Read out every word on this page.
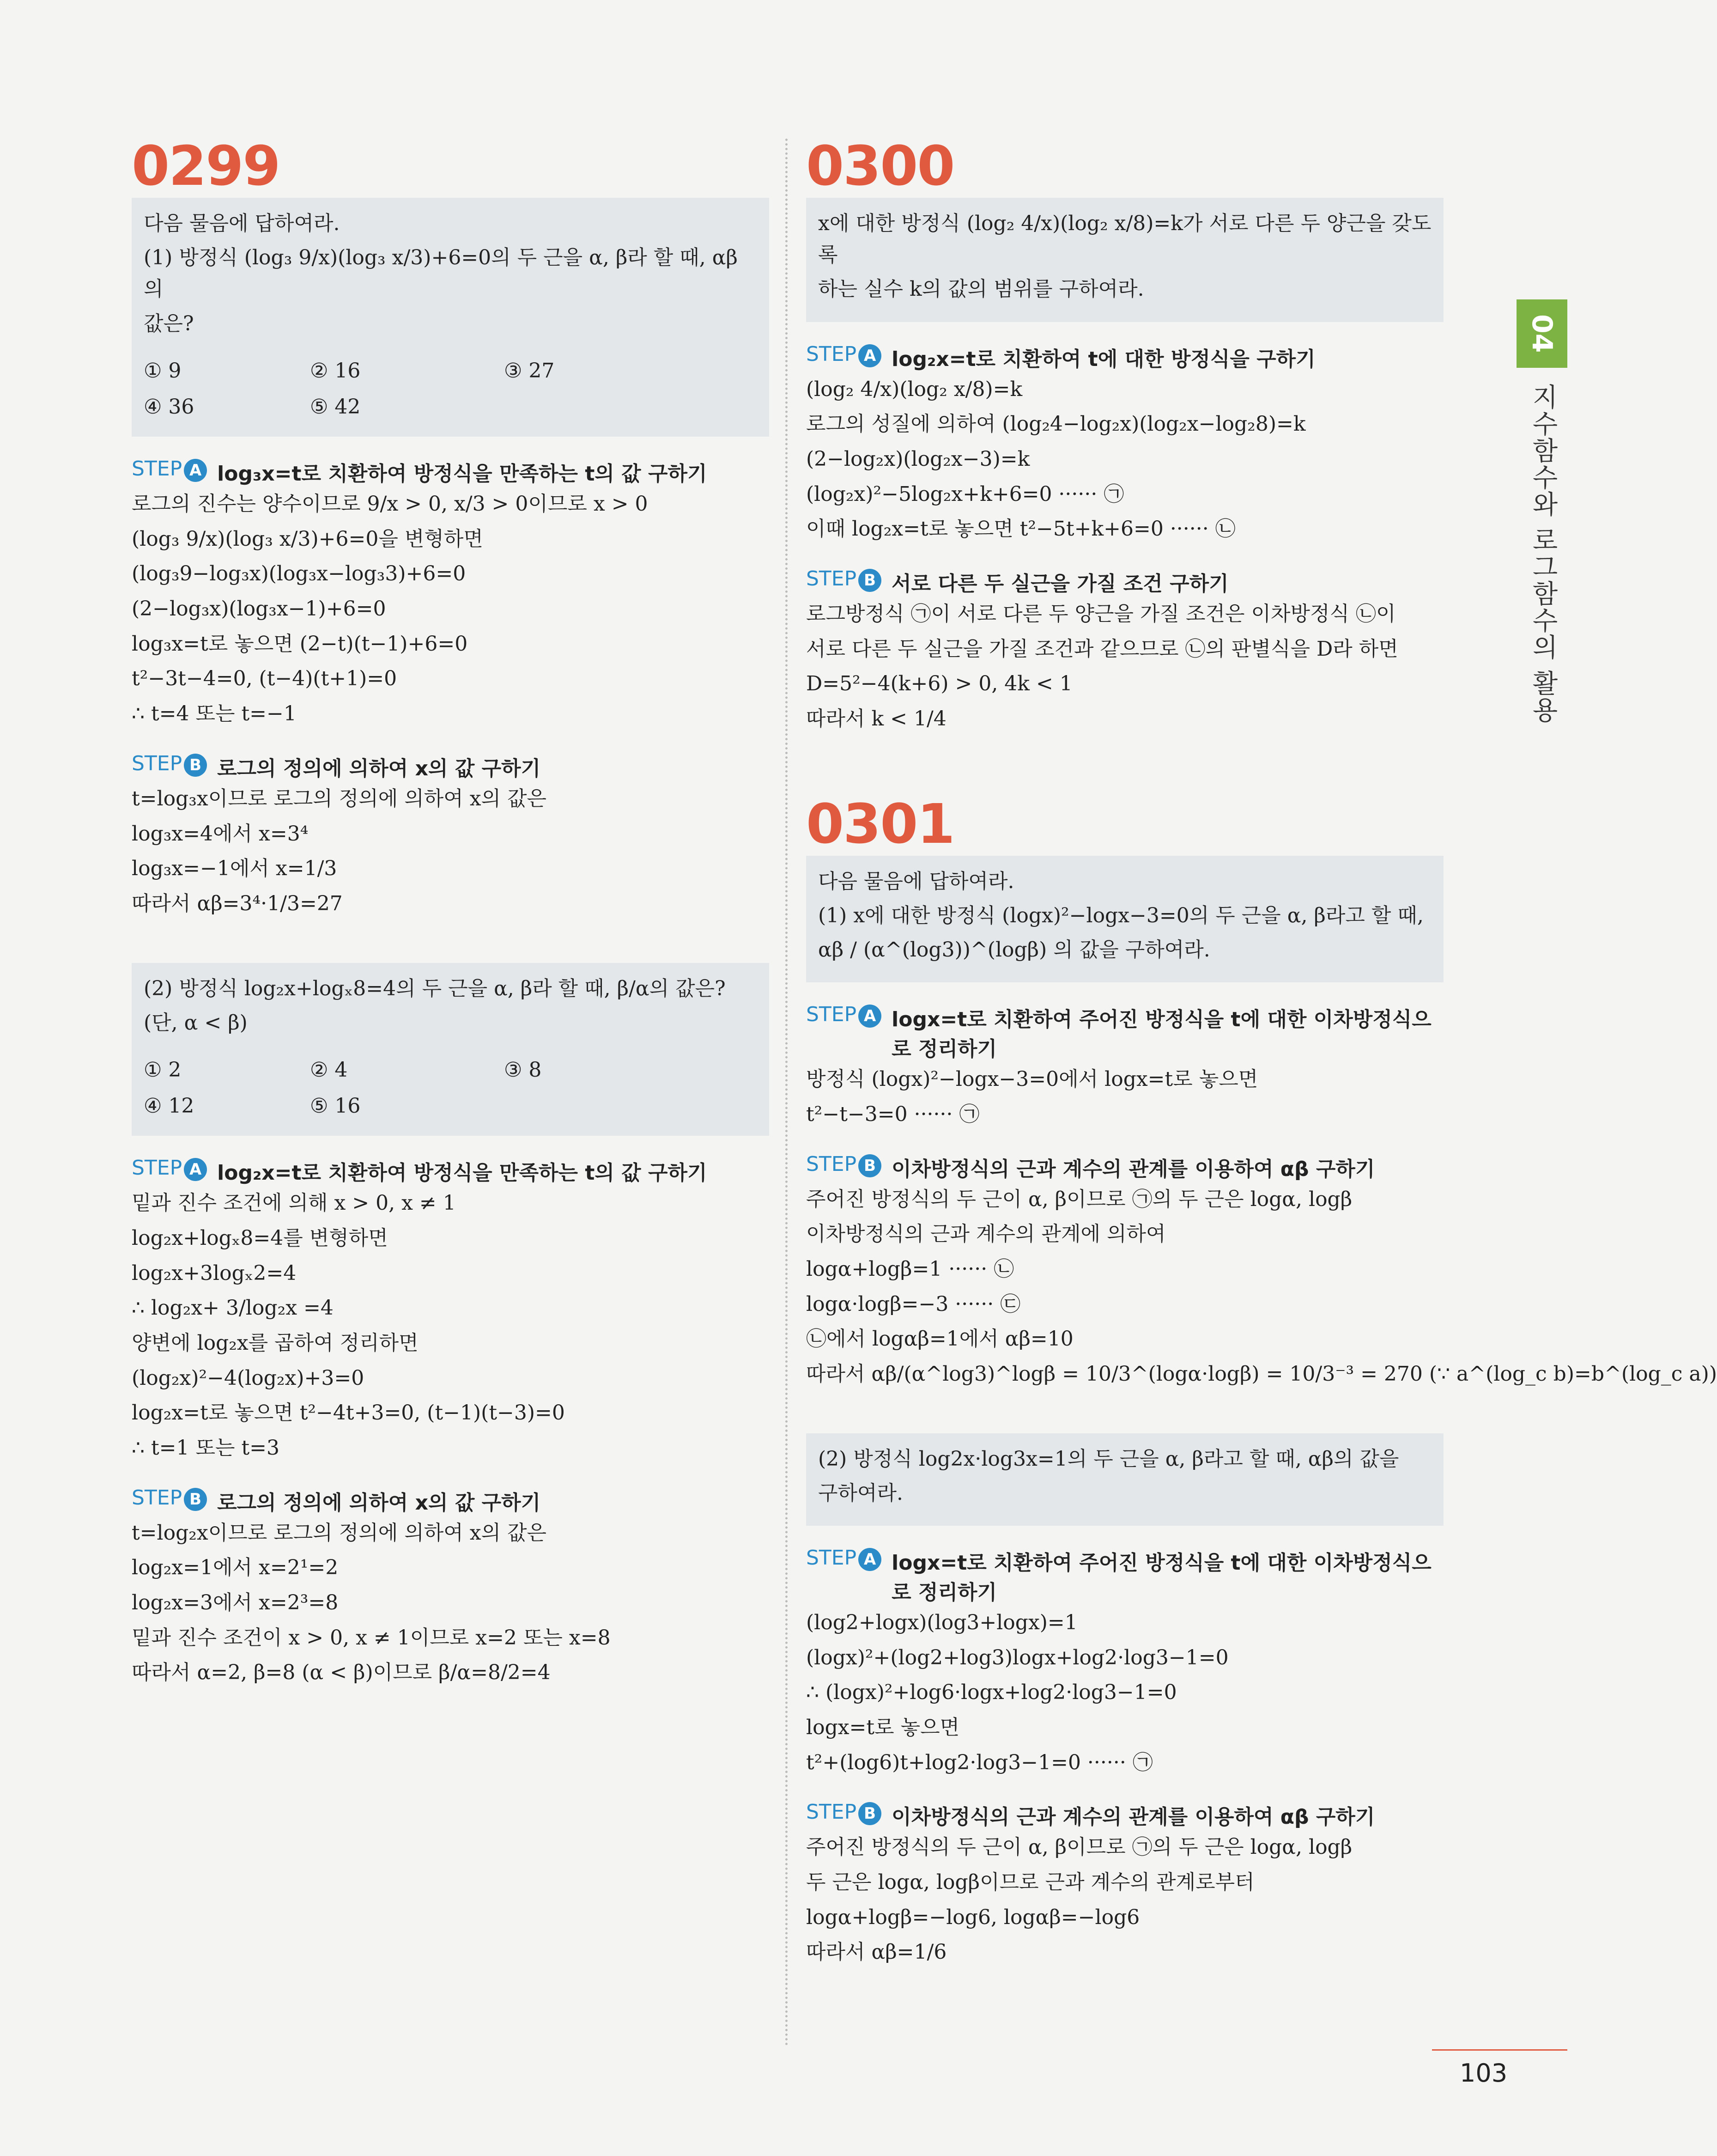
0299

다음 물음에 답하여라.

(1) 방정식 (log₃ 9/x)(log₃ x/3)+6=0의 두 근을 α, β라 할 때, αβ의

값은?

① 9	② 16	③ 27
④ 36	⑤ 42
STEP A log₃x=t로 치환하여 방정식을 만족하는 t의 값 구하기
로그의 진수는 양수이므로 9/x > 0, x/3 > 0이므로 x > 0
(log₃ 9/x)(log₃ x/3)+6=0을 변형하면
(log₃9−log₃x)(log₃x−log₃3)+6=0
(2−log₃x)(log₃x−1)+6=0
log₃x=t로 놓으면 (2−t)(t−1)+6=0
t²−3t−4=0, (t−4)(t+1)=0
∴ t=4 또는 t=−1
STEP B 로그의 정의에 의하여 x의 값 구하기
t=log₃x이므로 로그의 정의에 의하여 x의 값은
log₃x=4에서 x=3⁴
log₃x=−1에서 x=1/3
따라서 αβ=3⁴·1/3=27

(2) 방정식 log₂x+logₓ8=4의 두 근을 α, β라 할 때, β/α의 값은?

(단, α < β)

① 2	② 4	③ 8
④ 12	⑤ 16
STEP A log₂x=t로 치환하여 방정식을 만족하는 t의 값 구하기
밑과 진수 조건에 의해 x > 0, x ≠ 1
log₂x+logₓ8=4를 변형하면
log₂x+3logₓ2=4
∴ log₂x+ 3/log₂x =4
양변에 log₂x를 곱하여 정리하면
(log₂x)²−4(log₂x)+3=0
log₂x=t로 놓으면 t²−4t+3=0, (t−1)(t−3)=0
∴ t=1 또는 t=3
STEP B 로그의 정의에 의하여 x의 값 구하기
t=log₂x이므로 로그의 정의에 의하여 x의 값은
log₂x=1에서 x=2¹=2
log₂x=3에서 x=2³=8
밑과 진수 조건이 x > 0, x ≠ 1이므로 x=2 또는 x=8
따라서 α=2, β=8 (α < β)이므로 β/α=8/2=4
0300

x에 대한 방정식 (log₂ 4/x)(log₂ x/8)=k가 서로 다른 두 양근을 갖도록

하는 실수 k의 값의 범위를 구하여라.

STEP A log₂x=t로 치환하여 t에 대한 방정식을 구하기
(log₂ 4/x)(log₂ x/8)=k
로그의 성질에 의하여 (log₂4−log₂x)(log₂x−log₂8)=k
(2−log₂x)(log₂x−3)=k
(log₂x)²−5log₂x+k+6=0 ······ ㉠
이때 log₂x=t로 놓으면 t²−5t+k+6=0 ······ ㉡
STEP B 서로 다른 두 실근을 가질 조건 구하기
로그방정식 ㉠이 서로 다른 두 양근을 가질 조건은 이차방정식 ㉡이
서로 다른 두 실근을 가질 조건과 같으므로 ㉡의 판별식을 D라 하면
D=5²−4(k+6) > 0, 4k < 1
따라서 k < 1/4
0301

다음 물음에 답하여라.

(1) x에 대한 방정식 (logx)²−logx−3=0의 두 근을 α, β라고 할 때,

αβ / (α^(log3))^(logβ) 의 값을 구하여라.

STEP A logx=t로 치환하여 주어진 방정식을 t에 대한 이차방정식으로 정리하기
방정식 (logx)²−logx−3=0에서 logx=t로 놓으면
t²−t−3=0 ······ ㉠
STEP B 이차방정식의 근과 계수의 관계를 이용하여 αβ 구하기
주어진 방정식의 두 근이 α, β이므로 ㉠의 두 근은 logα, logβ
이차방정식의 근과 계수의 관계에 의하여
logα+logβ=1 ······ ㉡
logα·logβ=−3 ······ ㉢
㉡에서 logαβ=1에서 αβ=10
따라서 αβ/(α^log3)^logβ = 10/3^(logα·logβ) = 10/3⁻³ = 270 (∵ a^(log_c b)=b^(log_c a))

(2) 방정식 log2x·log3x=1의 두 근을 α, β라고 할 때, αβ의 값을

구하여라.

STEP A logx=t로 치환하여 주어진 방정식을 t에 대한 이차방정식으로 정리하기
(log2+logx)(log3+logx)=1
(logx)²+(log2+log3)logx+log2·log3−1=0
∴ (logx)²+log6·logx+log2·log3−1=0
logx=t로 놓으면
t²+(log6)t+log2·log3−1=0 ······ ㉠
STEP B 이차방정식의 근과 계수의 관계를 이용하여 αβ 구하기
주어진 방정식의 두 근이 α, β이므로 ㉠의 두 근은 logα, logβ
두 근은 logα, logβ이므로 근과 계수의 관계로부터
logα+logβ=−log6, logαβ=−log6
따라서 αβ=1/6
04
지수함수와 로그함수의 활용
103
